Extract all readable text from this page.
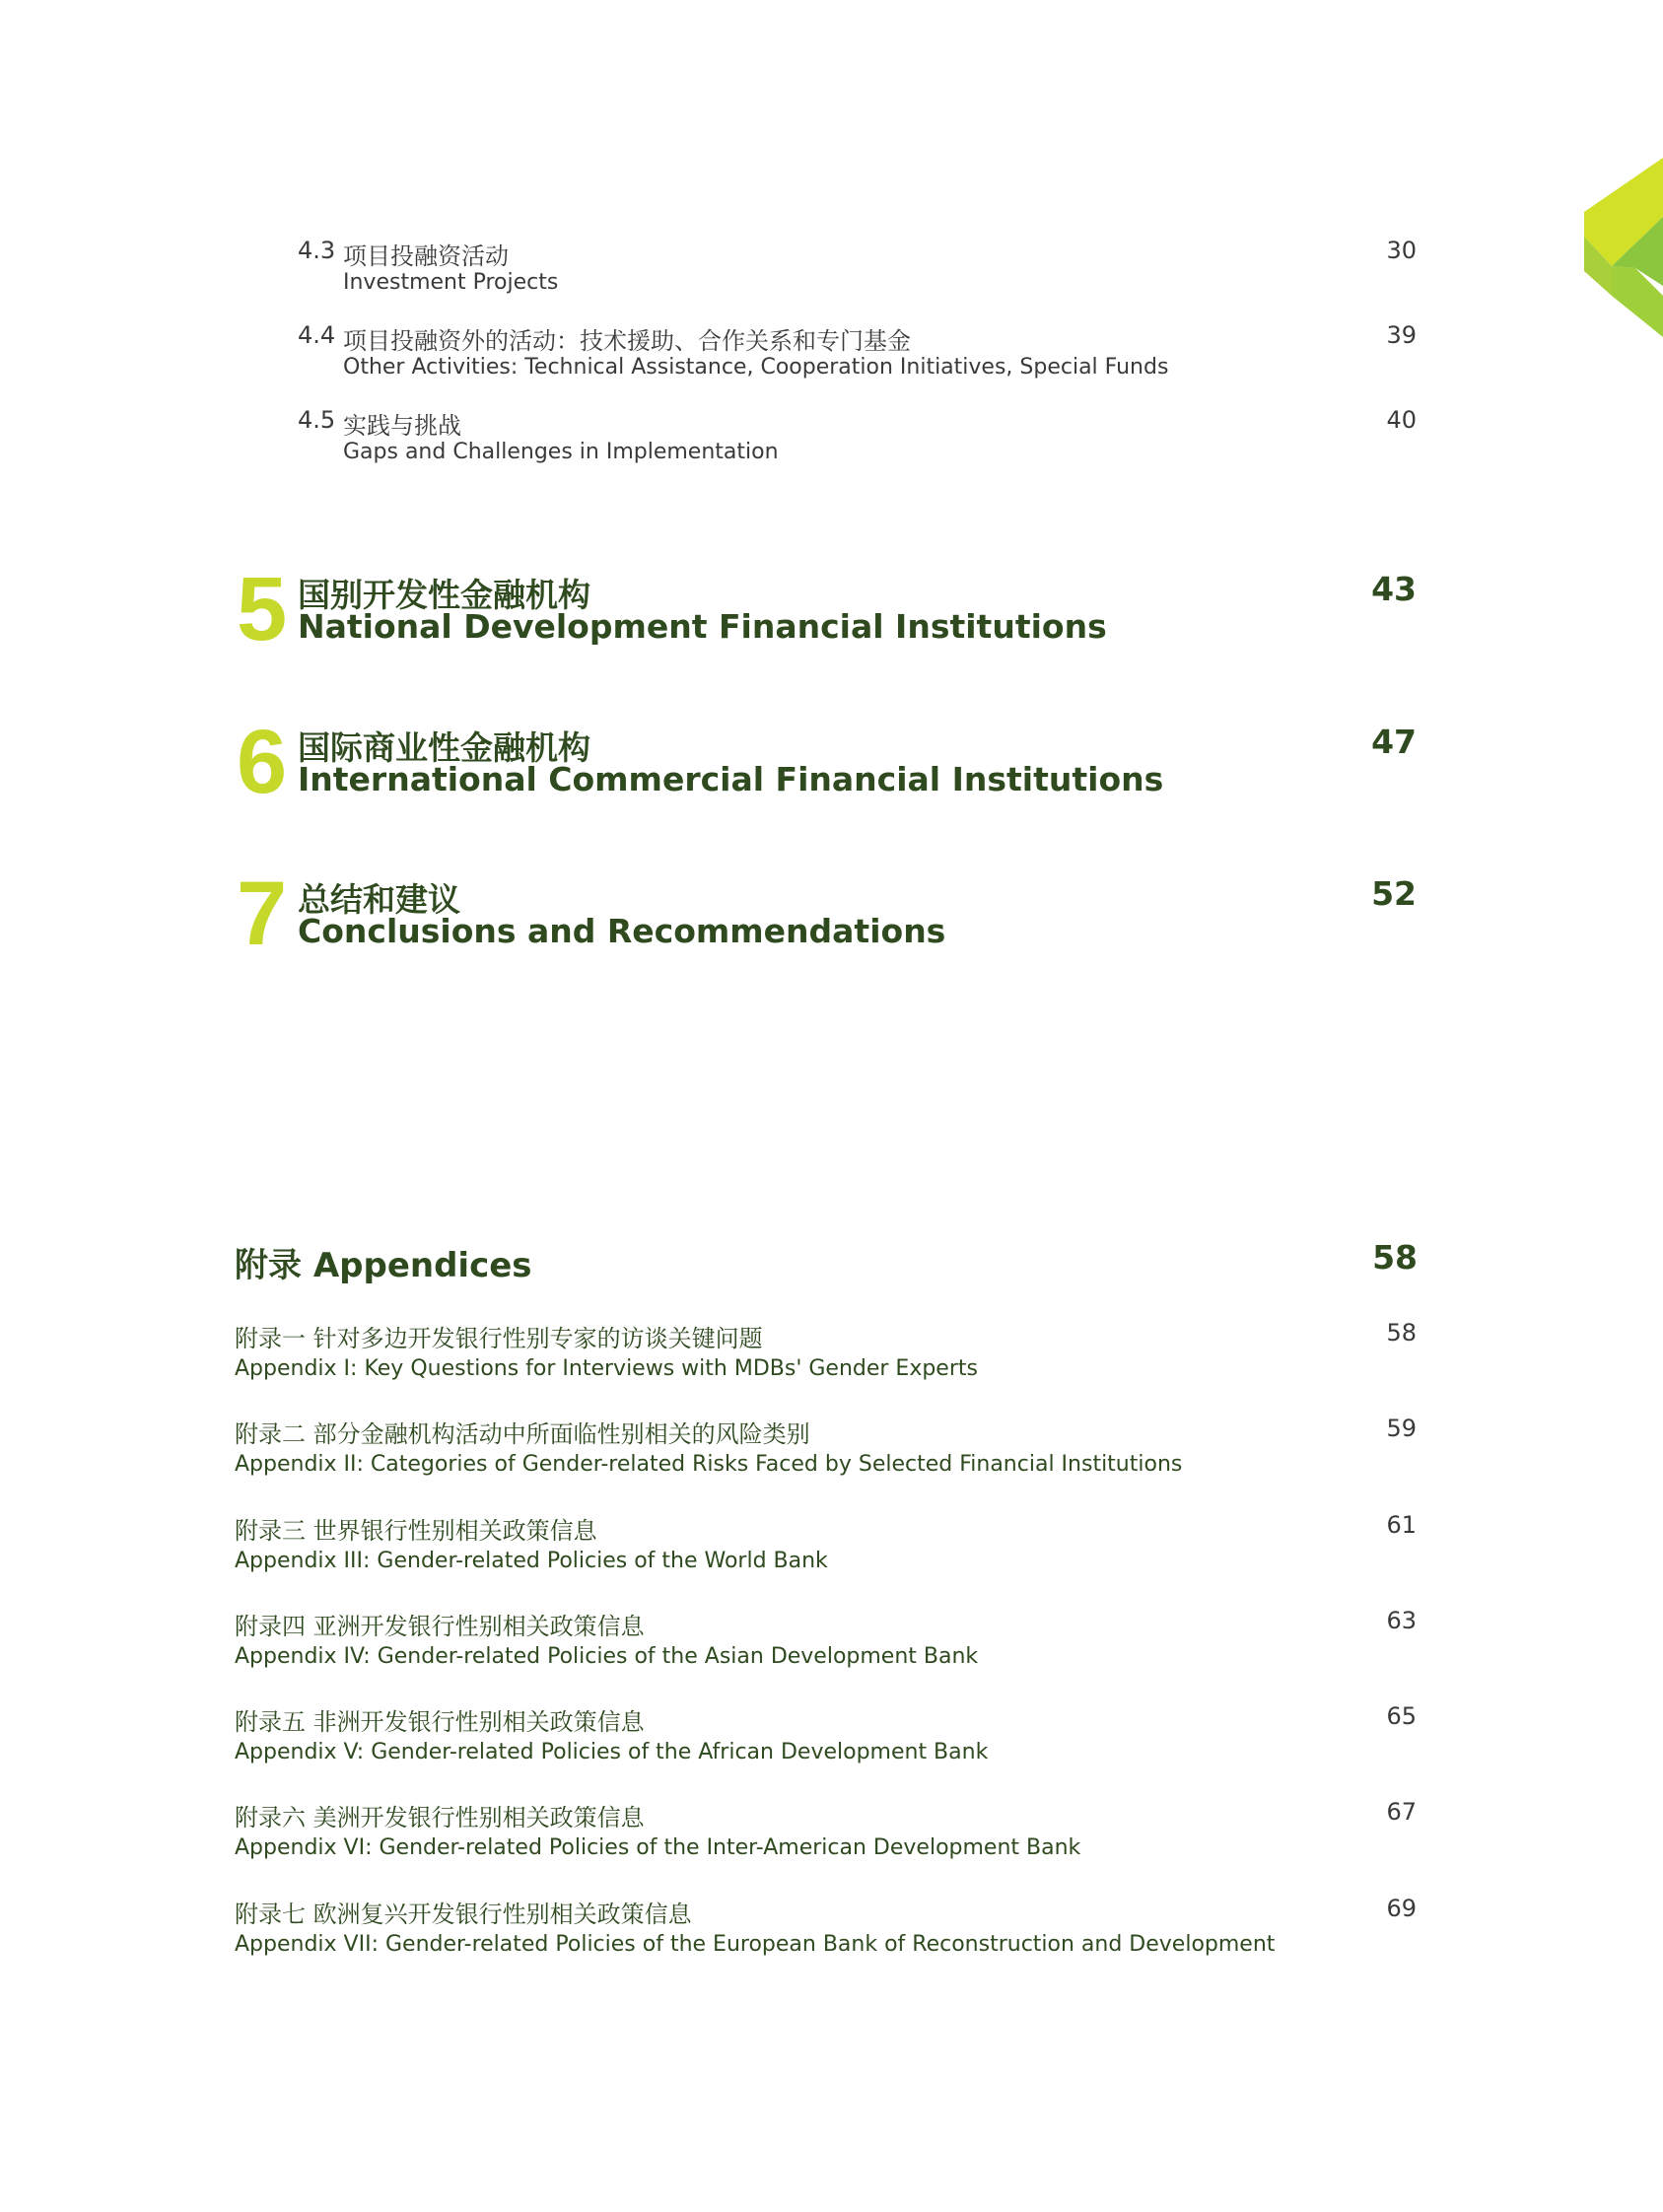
4.3 项目投融资活动
Investment Projects
30
4.4 项目投融资外的活动：技术援助、合作关系和专门基金
Other Activities: Technical Assistance, Cooperation Initiatives, Special Funds
39
4.5 实践与挑战
Gaps and Challenges in Implementation
40
5 国别开发性金融机构
National Development Financial Institutions
43
6 国际商业性金融机构
International Commercial Financial Institutions
47
7 总结和建议
Conclusions and Recommendations
52
附录 Appendices	58
附录一 针对多边开发银行性别专家的访谈关键问题
Appendix I: Key Questions for Interviews with MDBs' Gender Experts
58
附录二 部分金融机构活动中所面临性别相关的风险类别
Appendix II: Categories of Gender-related Risks Faced by Selected Financial Institutions
59
附录三 世界银行性别相关政策信息
Appendix III: Gender-related Policies of the World Bank
61
附录四 亚洲开发银行性别相关政策信息
Appendix IV: Gender-related Policies of the Asian Development Bank
63
附录五 非洲开发银行性别相关政策信息
Appendix V: Gender-related Policies of the African Development Bank
65
附录六 美洲开发银行性别相关政策信息
Appendix VI: Gender-related Policies of the Inter-American Development Bank
67
附录七 欧洲复兴开发银行性别相关政策信息
Appendix VII: Gender-related Policies of the European Bank of Reconstruction and Development
69
